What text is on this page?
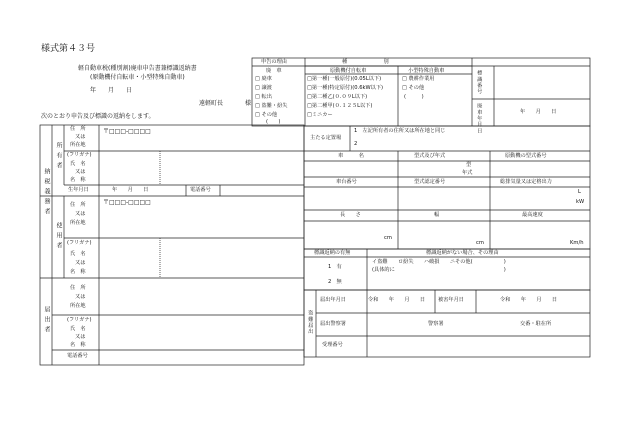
様式第４３号
軽自動車税(種別割)廃車申告書兼標識返納書
(原動機付自転車・小型特殊自動車)
年　　月　　日
遠軽町長	様
次のとおり申告及び標識の返納をします。
納税義務者
所有者
使用者
住　所
又は
所在地
〒□□□-□□□□
(フリガナ)
氏　名
又は
名　称
生年月日	年　　月　　日	電話番号
住　所
又は
所在地
〒□□□-□□□□
(フリガナ)
氏　名
又は
名　称
届出者
住　所
又は
所在地
(フリガナ)
氏　名
又は
名　称
電話番号
申告の理由
□ 廃車
□ 譲渡
□ 転出
□ 盗難・紛失
□ その他
(　　)
種　　　　　　　別
廃　車	原動機付自転車	小型特殊自動車
□第一種(一般原付)(0.05L以下)
□第一種(特定原付)(0.6kW以下)
□第二種乙(０.０９L以下)
□第二種甲(０.１２５L以下)
□ミニカー
□ 農耕作業用
□ その他
(　　　)
標識番号
廃車年月日	年　　月　　日
主たる定置場
1　左記所有者の住所又は所在地と同じ
2
車　　　名	型式及び年式	原動機の型式番号
型
年式
車台番号	型式認定番号	総排気量又は定格出力
L
kW
長　　さ	幅	最高速度
cm
cm	Km/h
標識返納の有無	標識返納がない場合、その理由
1　有
2　無
イ盗難　　ロ紛失　　ハ破損　　ニその他(　　　　　　)
(具体的に　　　　　　　　　　　　　　　　　　　　　)
盗難届出
届出年月日	令和　　年　　月　　日 被害年月日	令和　　年　　月　　日
届出警察署	警察署	交番・駐在所
受理番号
